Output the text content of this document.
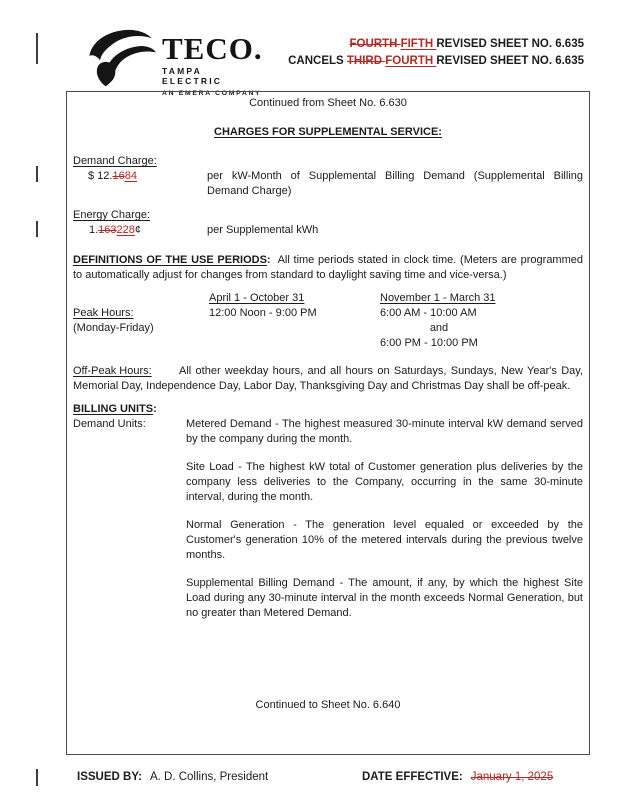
TECO.
TAMPA ELECTRIC
AN EMERA COMPANY
FOURTH FIFTH REVISED SHEET NO. 6.635
CANCELS THIRD FOURTH REVISED SHEET NO. 6.635
Continued from Sheet No. 6.630
CHARGES FOR SUPPLEMENTAL SERVICE:
Demand Charge:
$ 12.1684	per kW-Month of Supplemental Billing Demand (Supplemental Billing Demand Charge)
Energy Charge:
1.163228¢	per Supplemental kWh
DEFINITIONS OF THE USE PERIODS: All time periods stated in clock time. (Meters are programmed to automatically adjust for changes from standard to daylight saving time and vice-versa.)
April 1 - October 31	November 1 - March 31
Peak Hours:
(Monday-Friday)
12:00 Noon - 9:00 PM	6:00 AM - 10:00 AM
and
6:00 PM - 10:00 PM
Off-Peak Hours: All other weekday hours, and all hours on Saturdays, Sundays, New Year's Day, Memorial Day, Independence Day, Labor Day, Thanksgiving Day and Christmas Day shall be off-peak.
BILLING UNITS:
Demand Units:	Metered Demand - The highest measured 30-minute interval kW demand served by the company during the month.

Site Load - The highest kW total of Customer generation plus deliveries by the company less deliveries to the Company, occurring in the same 30-minute interval, during the month.

Normal Generation - The generation level equaled or exceeded by the Customer's generation 10% of the metered intervals during the previous twelve months.

Supplemental Billing Demand - The amount, if any, by which the highest Site Load during any 30-minute interval in the month exceeds Normal Generation, but no greater than Metered Demand.

Continued to Sheet No. 6.640
ISSUED BY: A. D. Collins, President	DATE EFFECTIVE: January 1, 2025
